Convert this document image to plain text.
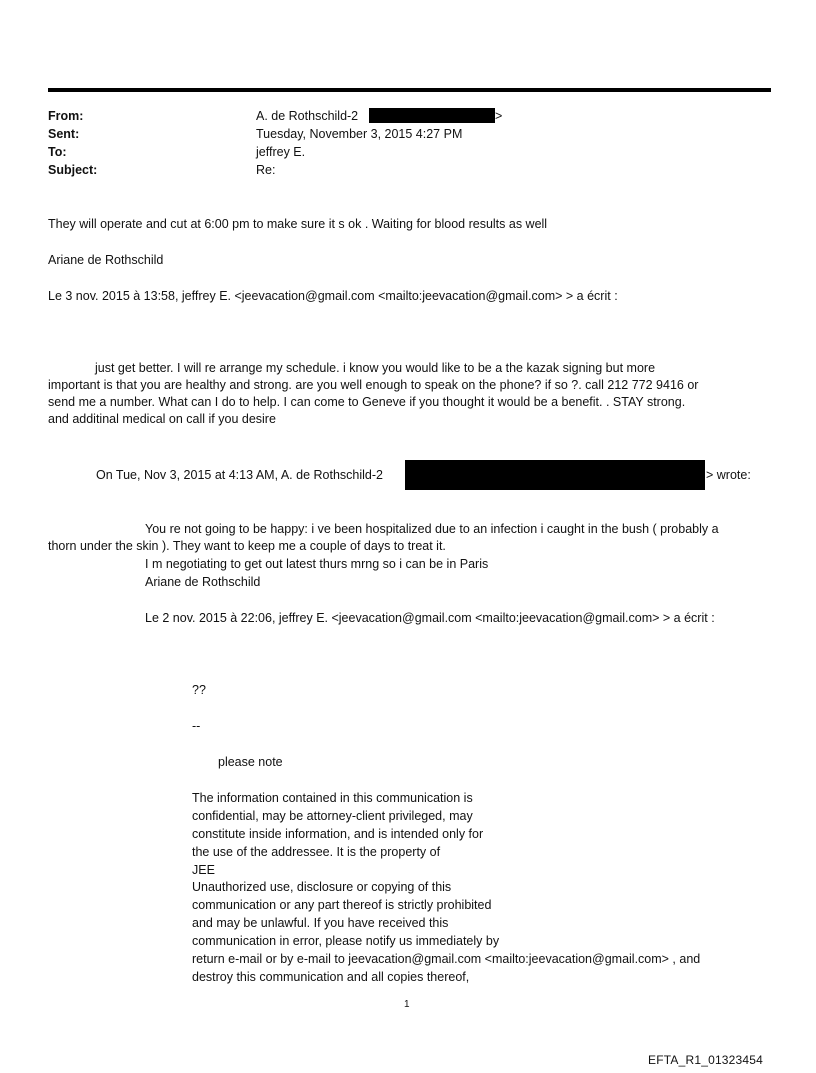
From:
Sent:
To:
Subject:
A. de Rothschild-2	>
Tuesday, November 3, 2015 4:27 PM
jeffrey E.
Re:
They will operate and cut at 6:00 pm to make sure it s ok . Waiting for blood results as well
Ariane de Rothschild
Le 3 nov. 2015 à 13:58, jeffrey E. <jeevacation@gmail.com <mailto:jeevacation@gmail.com> > a écrit :
just get better. I will re arrange my schedule. i know you would like to be a the kazak signing but more
important is that you are healthy and strong. are you well enough to speak on the phone? if so ?. call 212 772 9416 or
send me a number. What can I do to help. I can come to Geneve if you thought it would be a benefit. . STAY strong.
and additinal medical on call if you desire
On Tue, Nov 3, 2015 at 4:13 AM, A. de Rothschild-2	> wrote:
You re not going to be happy: i ve been hospitalized due to an infection i caught in the bush ( probably a
thorn under the skin ). They want to keep me a couple of days to treat it.
I m negotiating to get out latest thurs mrng so i can be in Paris
Ariane de Rothschild
Le 2 nov. 2015 à 22:06, jeffrey E. <jeevacation@gmail.com <mailto:jeevacation@gmail.com> > a écrit :
??
--
please note
The information contained in this communication is
confidential, may be attorney-client privileged, may
constitute inside information, and is intended only for
the use of the addressee. It is the property of
JEE
Unauthorized use, disclosure or copying of this
communication or any part thereof is strictly prohibited
and may be unlawful. If you have received this
communication in error, please notify us immediately by
return e-mail or by e-mail to jeevacation@gmail.com <mailto:jeevacation@gmail.com> , and
destroy this communication and all copies thereof,
1
EFTA_R1_01323454
